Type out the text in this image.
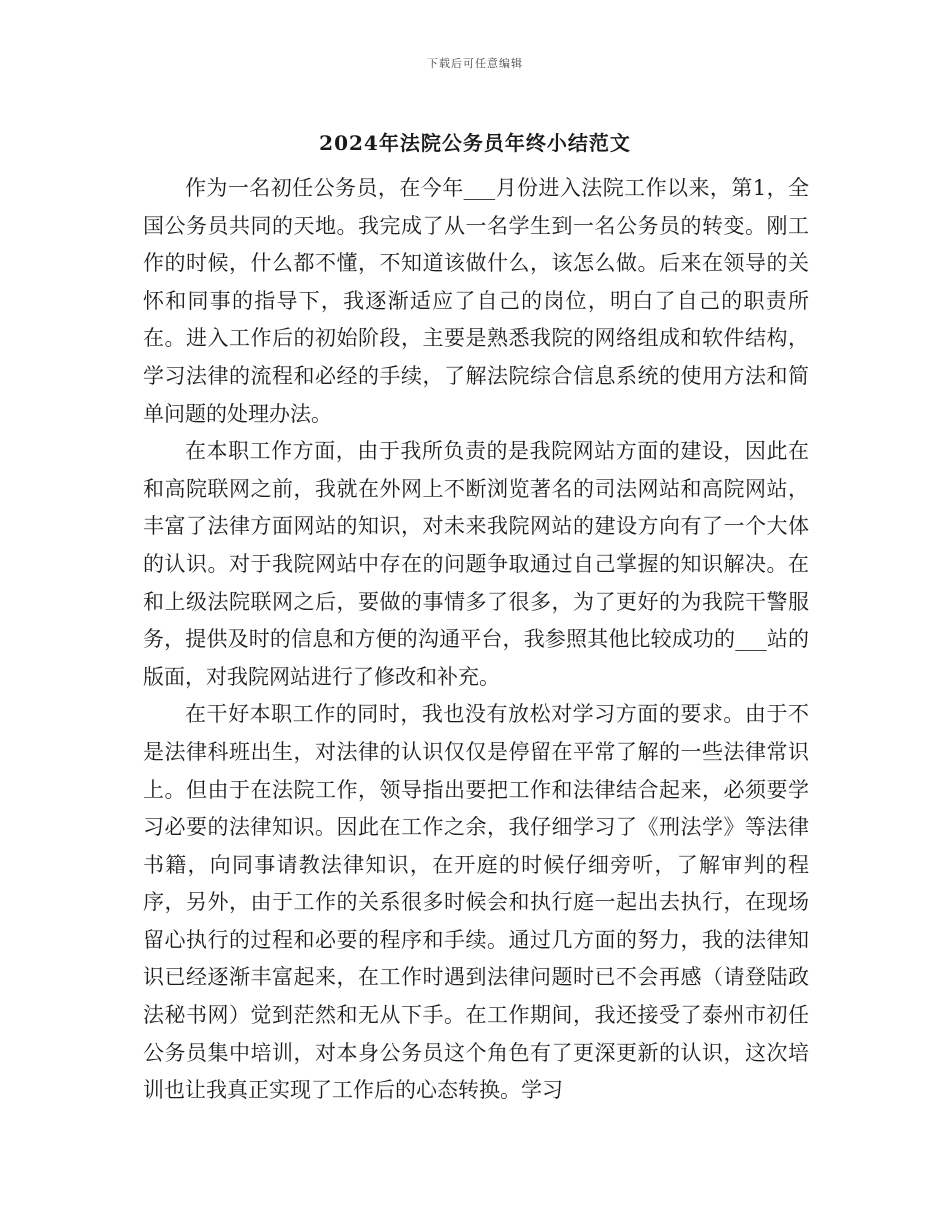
下载后可任意编辑
2024年法院公务员年终小结范文

作为一名初任公务员，在今年___月份进入法院工作以来，第1，全国公务员共同的天地。我完成了从一名学生到一名公务员的转变。刚工作的时候，什么都不懂，不知道该做什么，该怎么做。后来在领导的关怀和同事的指导下，我逐渐适应了自己的岗位，明白了自己的职责所在。进入工作后的初始阶段，主要是熟悉我院的网络组成和软件结构，学习法律的流程和必经的手续，了解法院综合信息系统的使用方法和简单问题的处理办法。

在本职工作方面，由于我所负责的是我院网站方面的建设，因此在和高院联网之前，我就在外网上不断浏览著名的司法网站和高院网站，丰富了法律方面网站的知识，对未来我院网站的建设方向有了一个大体的认识。对于我院网站中存在的问题争取通过自己掌握的知识解决。在和上级法院联网之后，要做的事情多了很多，为了更好的为我院干警服务，提供及时的信息和方便的沟通平台，我参照其他比较成功的___站的版面，对我院网站进行了修改和补充。

在干好本职工作的同时，我也没有放松对学习方面的要求。由于不是法律科班出生，对法律的认识仅仅是停留在平常了解的一些法律常识上。但由于在法院工作，领导指出要把工作和法律结合起来，必须要学习必要的法律知识。因此在工作之余，我仔细学习了《刑法学》等法律书籍，向同事请教法律知识，在开庭的时候仔细旁听，了解审判的程序，另外，由于工作的关系很多时候会和执行庭一起出去执行，在现场留心执行的过程和必要的程序和手续。通过几方面的努力，我的法律知识已经逐渐丰富起来，在工作时遇到法律问题时已不会再感（请登陆政法秘书网）觉到茫然和无从下手。在工作期间，我还接受了泰州市初任公务员集中培训，对本身公务员这个角色有了更深更新的认识，这次培训也让我真正实现了工作后的心态转换。学习
